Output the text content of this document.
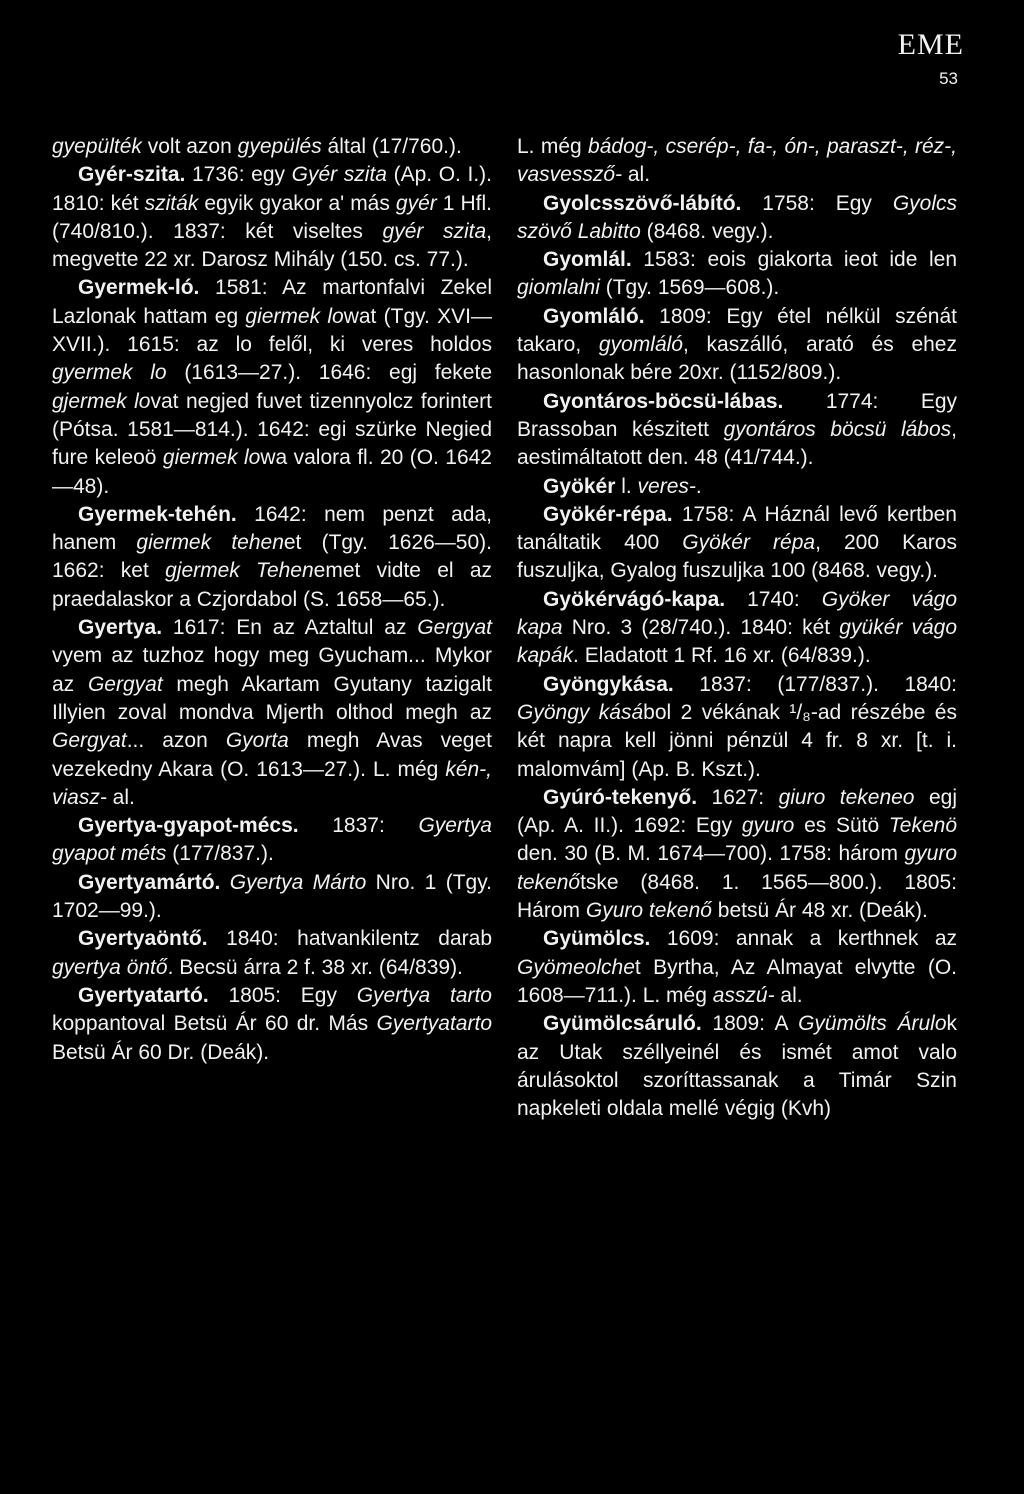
EME
53

gyepülték volt azon gyepülés által (17/760.).

Gyér-szita. 1736: egy Gyér szita (Ap. O. I.). 1810: két sziták egyik gyakor a' más gyér 1 Hfl. (740/810.). 1837: két viseltes gyér szita, megvette 22 xr. Darosz Mihály (150. cs. 77.).

Gyermek-ló. 1581: Az martonfalvi Zekel Lazlonak hattam eg giermek lowat (Tgy. XVI—XVII.). 1615: az lo felől, ki veres holdos gyermek lo (1613—27.). 1646: egj fekete gjermek lovat negjed fuvet tizennyolcz forintert (Pótsa. 1581—814.). 1642: egi szürke Negied fure keleoö giermek lowa valora fl. 20 (O. 1642—48).

Gyermek-tehén. 1642: nem penzt ada, hanem giermek tehenet (Tgy. 1626—50). 1662: ket gjermek Tehenemet vidte el az praedalaskor a Czjordabol (S. 1658—65.).

Gyertya. 1617: En az Aztaltul az Gergyat vyem az tuzhoz hogy meg Gyucham... Mykor az Gergyat megh Akartam Gyutany tazigalt Illyien zoval mondva Mjerth olthod megh az Gergyat... azon Gyorta megh Avas veget vezekedny Akara (O. 1613—27.). L. még kén-, viasz- al.

Gyertya-gyapot-mécs. 1837: Gyertya gyapot méts (177/837.).

Gyertyamártó. Gyertya Márto Nro. 1 (Tgy. 1702—99.).

Gyertyaöntő. 1840: hatvankilentz darab gyertya öntő. Becsü árra 2 f. 38 xr. (64/839).

Gyertyatartó. 1805: Egy Gyertya tarto koppantoval Betsü Ár 60 dr. Más Gyertyatarto Betsü Ár 60 Dr. (Deák).

L. még bádog-, cserép-, fa-, ón-, paraszt-, réz-, vasvessző- al.

Gyolcsszövő-lábító. 1758: Egy Gyolcs szövő Labitto (8468. vegy.).

Gyomlál. 1583: eois giakorta ieot ide len giomlalni (Tgy. 1569—608.).

Gyomláló. 1809: Egy étel nélkül szénát takaro, gyomláló, kaszálló, arató és ehez hasonlonak bére 20xr. (1152/809.).

Gyontáros-böcsü-lábas. 1774: Egy Brassoban készitett gyontáros böcsü lábos, aestimáltatott den. 48 (41/744.).

Gyökér l. veres-.

Gyökér-répa. 1758: A Háznál levő kertben tanáltatik 400 Gyökér répa, 200 Karos fuszuljka, Gyalog fuszuljka 100 (8468. vegy.).

Gyökérvágó-kapa. 1740: Gyöker vágo kapa Nro. 3 (28/740.). 1840: két gyükér vágo kapák. Eladatott 1 Rf. 16 xr. (64/839.).

Gyöngykása. 1837: (177/837.). 1840: Gyöngy kásábol 2 vékának ¹/₈-ad részébe és két napra kell jönni pénzül 4 fr. 8 xr. [t. i. malomvám] (Ap. B. Kszt.).

Gyúró-tekenyő. 1627: giuro tekeneo egj (Ap. A. II.). 1692: Egy gyuro es Sütö Tekenö den. 30 (B. M. 1674—700). 1758: három gyuro tekenőtske (8468. 1. 1565—800.). 1805: Három Gyuro tekenő betsü Ár 48 xr. (Deák).

Gyümölcs. 1609: annak a kerthnek az Gyömeolchet Byrtha, Az Almayat elvytte (O. 1608—711.). L. még asszú- al.

Gyümölcsáruló. 1809: A Gyümölts Árulok az Utak széllyeinél és ismét amot valo árulásoktol szoríttassanak a Timár Szin napkeleti oldala mellé végig (Kvh)
